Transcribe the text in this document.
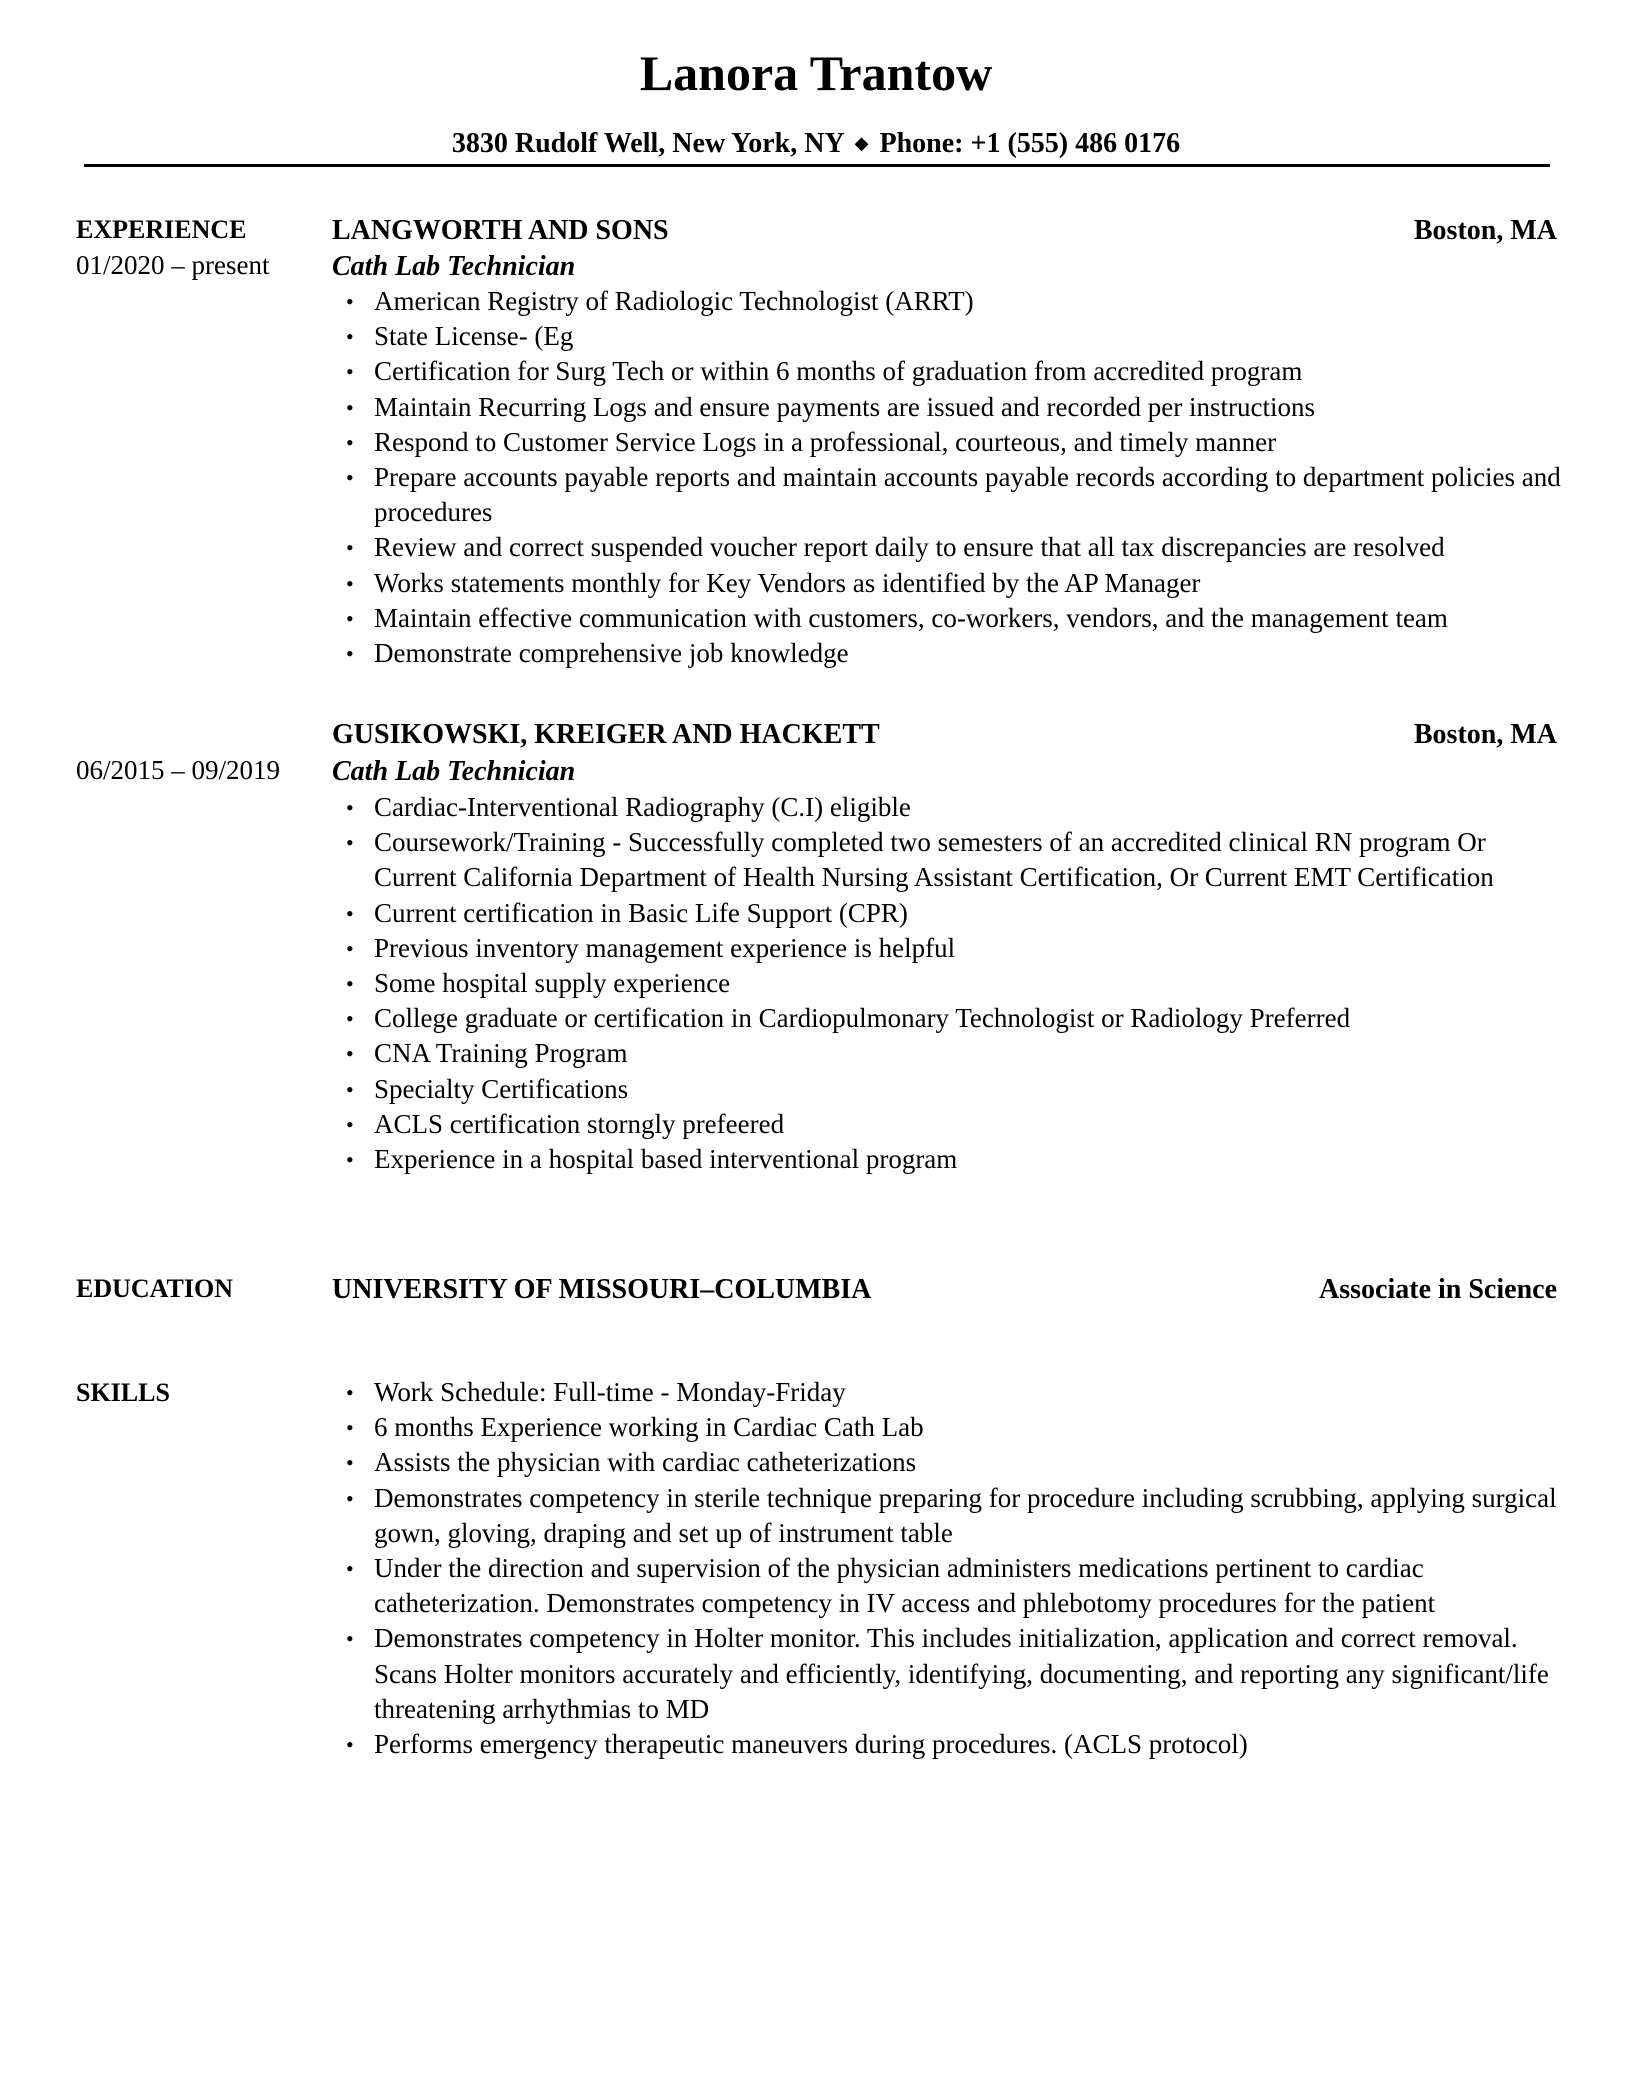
Lanora Trantow
3830 Rudolf Well, New York, NY ◆ Phone: +1 (555) 486 0176
EXPERIENCE
01/2020 – present
LANGWORTH AND SONS	Boston, MA
Cath Lab Technician
• American Registry of Radiologic Technologist (ARRT)
• State License- (Eg
• Certification for Surg Tech or within 6 months of graduation from accredited program
• Maintain Recurring Logs and ensure payments are issued and recorded per instructions
• Respond to Customer Service Logs in a professional, courteous, and timely manner
• Prepare accounts payable reports and maintain accounts payable records according to department policies and procedures
• Review and correct suspended voucher report daily to ensure that all tax discrepancies are resolved
• Works statements monthly for Key Vendors as identified by the AP Manager
• Maintain effective communication with customers, co-workers, vendors, and the management team
• Demonstrate comprehensive job knowledge
GUSIKOWSKI, KREIGER AND HACKETT	Boston, MA
06/2015 – 09/2019 Cath Lab Technician
• Cardiac-Interventional Radiography (C.I) eligible
• Coursework/Training - Successfully completed two semesters of an accredited clinical RN program Or Current California Department of Health Nursing Assistant Certification, Or Current EMT Certification
• Current certification in Basic Life Support (CPR)
• Previous inventory management experience is helpful
• Some hospital supply experience
• College graduate or certification in Cardiopulmonary Technologist or Radiology Preferred
• CNA Training Program
• Specialty Certifications
• ACLS certification storngly prefeered
• Experience in a hospital based interventional program
EDUCATION	UNIVERSITY OF MISSOURI–COLUMBIA	Associate in Science
SKILLS	• Work Schedule: Full-time - Monday-Friday
• 6 months Experience working in Cardiac Cath Lab
• Assists the physician with cardiac catheterizations
• Demonstrates competency in sterile technique preparing for procedure including scrubbing, applying surgical gown, gloving, draping and set up of instrument table
• Under the direction and supervision of the physician administers medications pertinent to cardiac catheterization. Demonstrates competency in IV access and phlebotomy procedures for the patient
• Demonstrates competency in Holter monitor. This includes initialization, application and correct removal. Scans Holter monitors accurately and efficiently, identifying, documenting, and reporting any significant/life threatening arrhythmias to MD
• Performs emergency therapeutic maneuvers during procedures. (ACLS protocol)
